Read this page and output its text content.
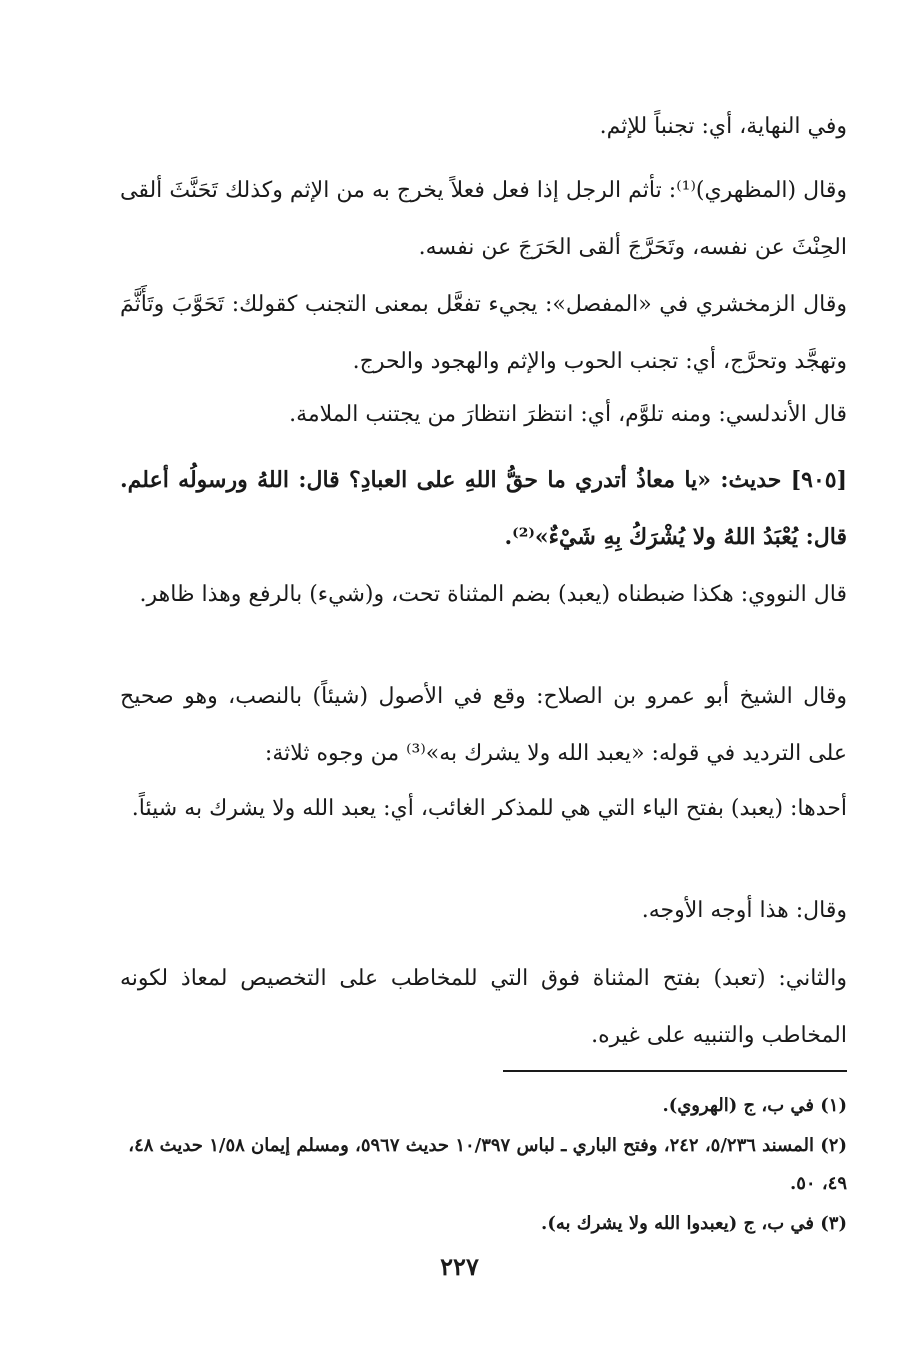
وفي النهاية، أي: تجنباً للإثم.

وقال (المظهري)⁽¹⁾: تأثم الرجل إذا فعل فعلاً يخرج به من الإثم وكذلك تَحَنَّثَ ألقى الحِنْثَ عن نفسه، وتَحَرَّجَ ألقى الحَرَجَ عن نفسه.

وقال الزمخشري في «المفصل»: يجيء تفعَّل بمعنى التجنب كقولك: تَحَوَّبَ وتَأَثَّمَ وتهجَّد وتحرَّج، أي: تجنب الحوب والإثم والهجود والحرج.

قال الأندلسي: ومنه تلوَّم، أي: انتظرَ انتظارَ من يجتنب الملامة.

[٩٠٥] حديث: «يا معاذُ أتدري ما حقُّ اللهِ على العبادِ؟ قال: اللهُ ورسولُه أعلم. قال: يُعْبَدُ اللهُ ولا يُشْرَكُ بِهِ شَيْءٌ»⁽²⁾.

قال النووي: هكذا ضبطناه (يعبد) بضم المثناة تحت، و(شيء) بالرفع وهذا ظاهر.

وقال الشيخ أبو عمرو بن الصلاح: وقع في الأصول (شيئاً) بالنصب، وهو صحيح على الترديد في قوله: «يعبد الله ولا يشرك به»⁽³⁾ من وجوه ثلاثة:

أحدها: (يعبد) بفتح الياء التي هي للمذكر الغائب، أي: يعبد الله ولا يشرك به شيئاً.

وقال: هذا أوجه الأوجه.

والثاني: (تعبد) بفتح المثناة فوق التي للمخاطب على التخصيص لمعاذ لكونه المخاطب والتنبيه على غيره.

(١) في ب، ج (الهروي).

(٢) المسند ٥/٢٣٦، ٢٤٢، وفتح الباري ـ لباس ١٠/٣٩٧ حديث ٥٩٦٧، ومسلم إيمان ١/٥٨ حديث ٤٨، ٤٩، ٥٠.

(٣) في ب، ج (يعبدوا الله ولا يشرك به).

٢٢٧
